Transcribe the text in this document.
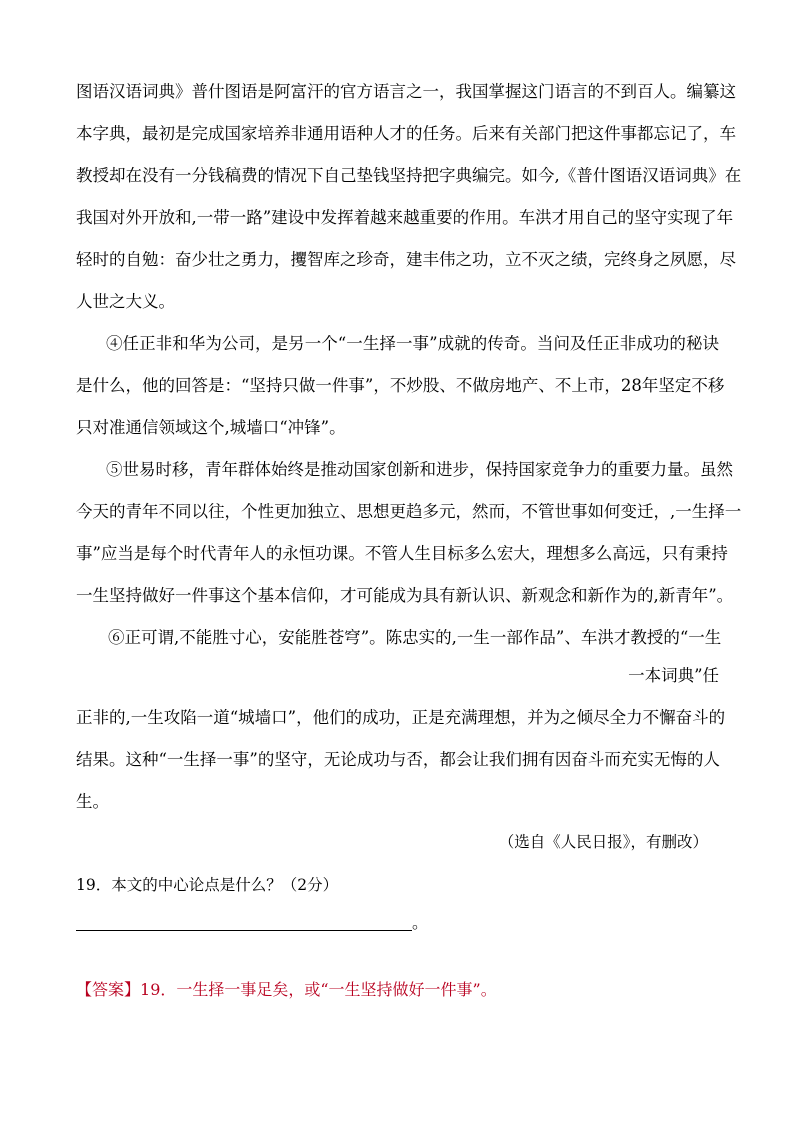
图语汉语词典》普什图语是阿富汗的官方语言之一，我国掌握这门语言的不到百人。编纂这
本字典，最初是完成国家培养非通用语种人才的任务。后来有关部门把这件事都忘记了，车
教授却在没有一分钱稿费的情况下自己垫钱坚持把字典编完。如今,《普什图语汉语词典》在
我国对外开放和,一带一路”建设中发挥着越来越重要的作用。车洪才用自己的坚守实现了年
轻时的自勉：奋少壮之勇力，攫智库之珍奇，建丰伟之功，立不灭之绩，完终身之夙愿，尽
人世之大义。
④任正非和华为公司，是另一个“一生择一事”成就的传奇。当问及任正非成功的秘诀
是什么，他的回答是：“坚持只做一件事”，不炒股、不做房地产、不上市，28年坚定不移
只对准通信领域这个,城墙口“冲锋”。
⑤世易时移，青年群体始终是推动国家创新和进步，保持国家竞争力的重要力量。虽然
今天的青年不同以往，个性更加独立、思想更趋多元，然而，不管世事如何变迁，,一生择一
事”应当是每个时代青年人的永恒功课。不管人生目标多么宏大，理想多么高远，只有秉持
一生坚持做好一件事这个基本信仰，才可能成为具有新认识、新观念和新作为的,新青年”。
⑥正可谓,不能胜寸心，安能胜苍穹”。陈忠实的,一生一部作品”、车洪才教授的“一生
一本词典”任
正非的,一生攻陷一道“城墙口”，他们的成功，正是充满理想，并为之倾尽全力不懈奋斗的
结果。这种“一生择一事”的坚守，无论成功与否，都会让我们拥有因奋斗而充实无悔的人
生。
（选自《人民日报》，有删改）
19．本文的中心论点是什么？（2分）
。
【答案】19．一生择一事足矣，或“一生坚持做好一件事”。
